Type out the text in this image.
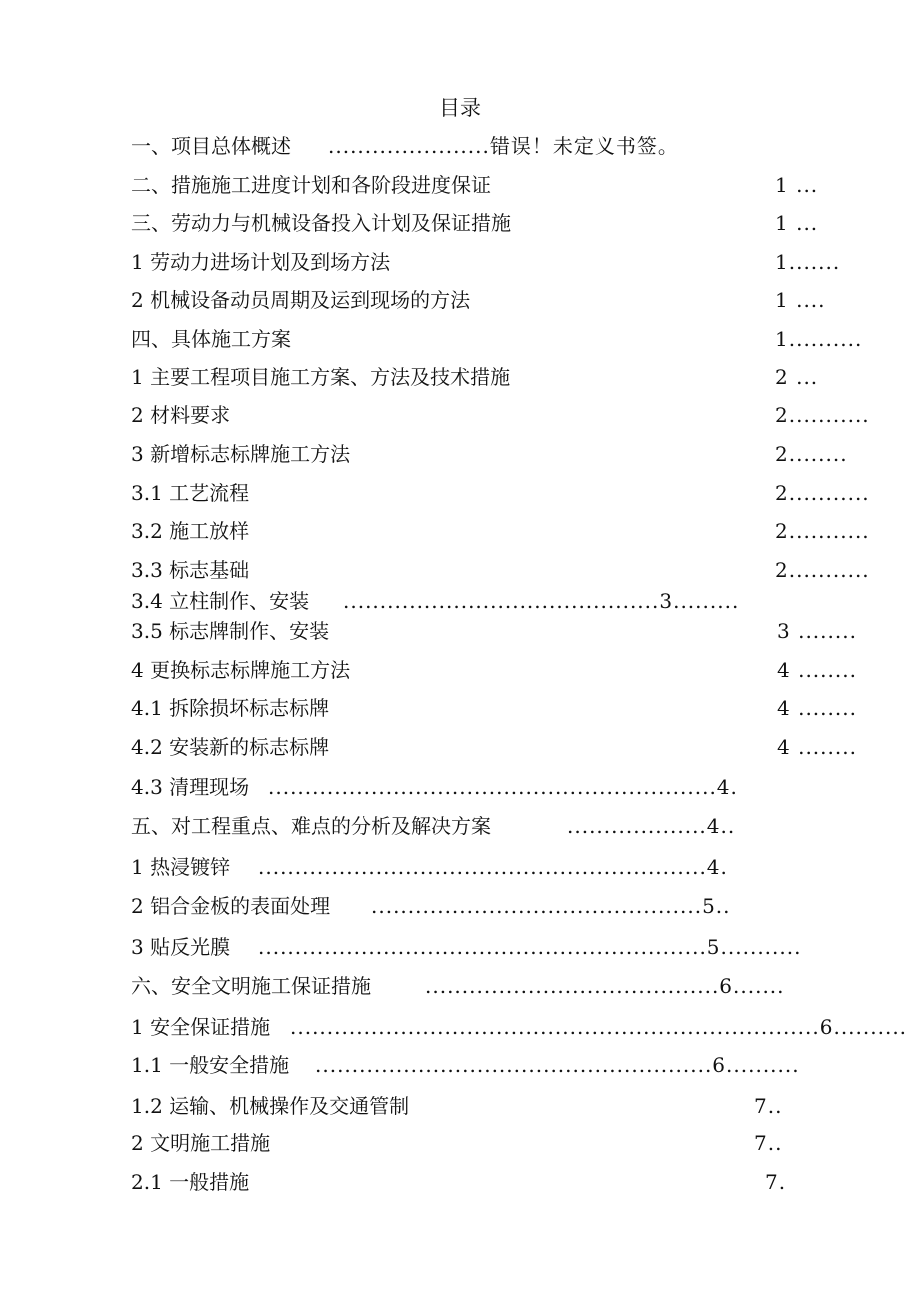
目录
一、项目总体概述 ......................错误！未定义书签。
二、措施施工进度计划和各阶段进度保证	1 ...
三、劳动力与机械设备投入计划及保证措施	1 ...
1 劳动力进场计划及到场方法	1.......
2 机械设备动员周期及运到现场的方法	1 ....
四、具体施工方案	1..........
1 主要工程项目施工方案、方法及技术措施	2 ...
2 材料要求	2...........
3 新增标志标牌施工方法	2........
3.1 工艺流程	2...........
3.2 施工放样	2...........
3.3 标志基础	2...........
3.4 立柱制作、安装 ...........................................3.........
3.5 标志牌制作、安装	3 ........
4 更换标志标牌施工方法	4 ........
4.1 拆除损坏标志标牌	4 ........
4.2 安装新的标志标牌	4 ........
4.3 清理现场 .............................................................4.
五、对工程重点、难点的分析及解决方案	...................4..
1 热浸镀锌 .............................................................4.
2 铝合金板的表面处理 .............................................5..
3 贴反光膜 .............................................................5...........
六、安全文明施工保证措施	........................................6.......
1 安全保证措施 ........................................................................6..........
1.1 一般安全措施 ......................................................6..........
1.2 运输、机械操作及交通管制	7..
2 文明施工措施	7..
2.1 一般措施	7.
